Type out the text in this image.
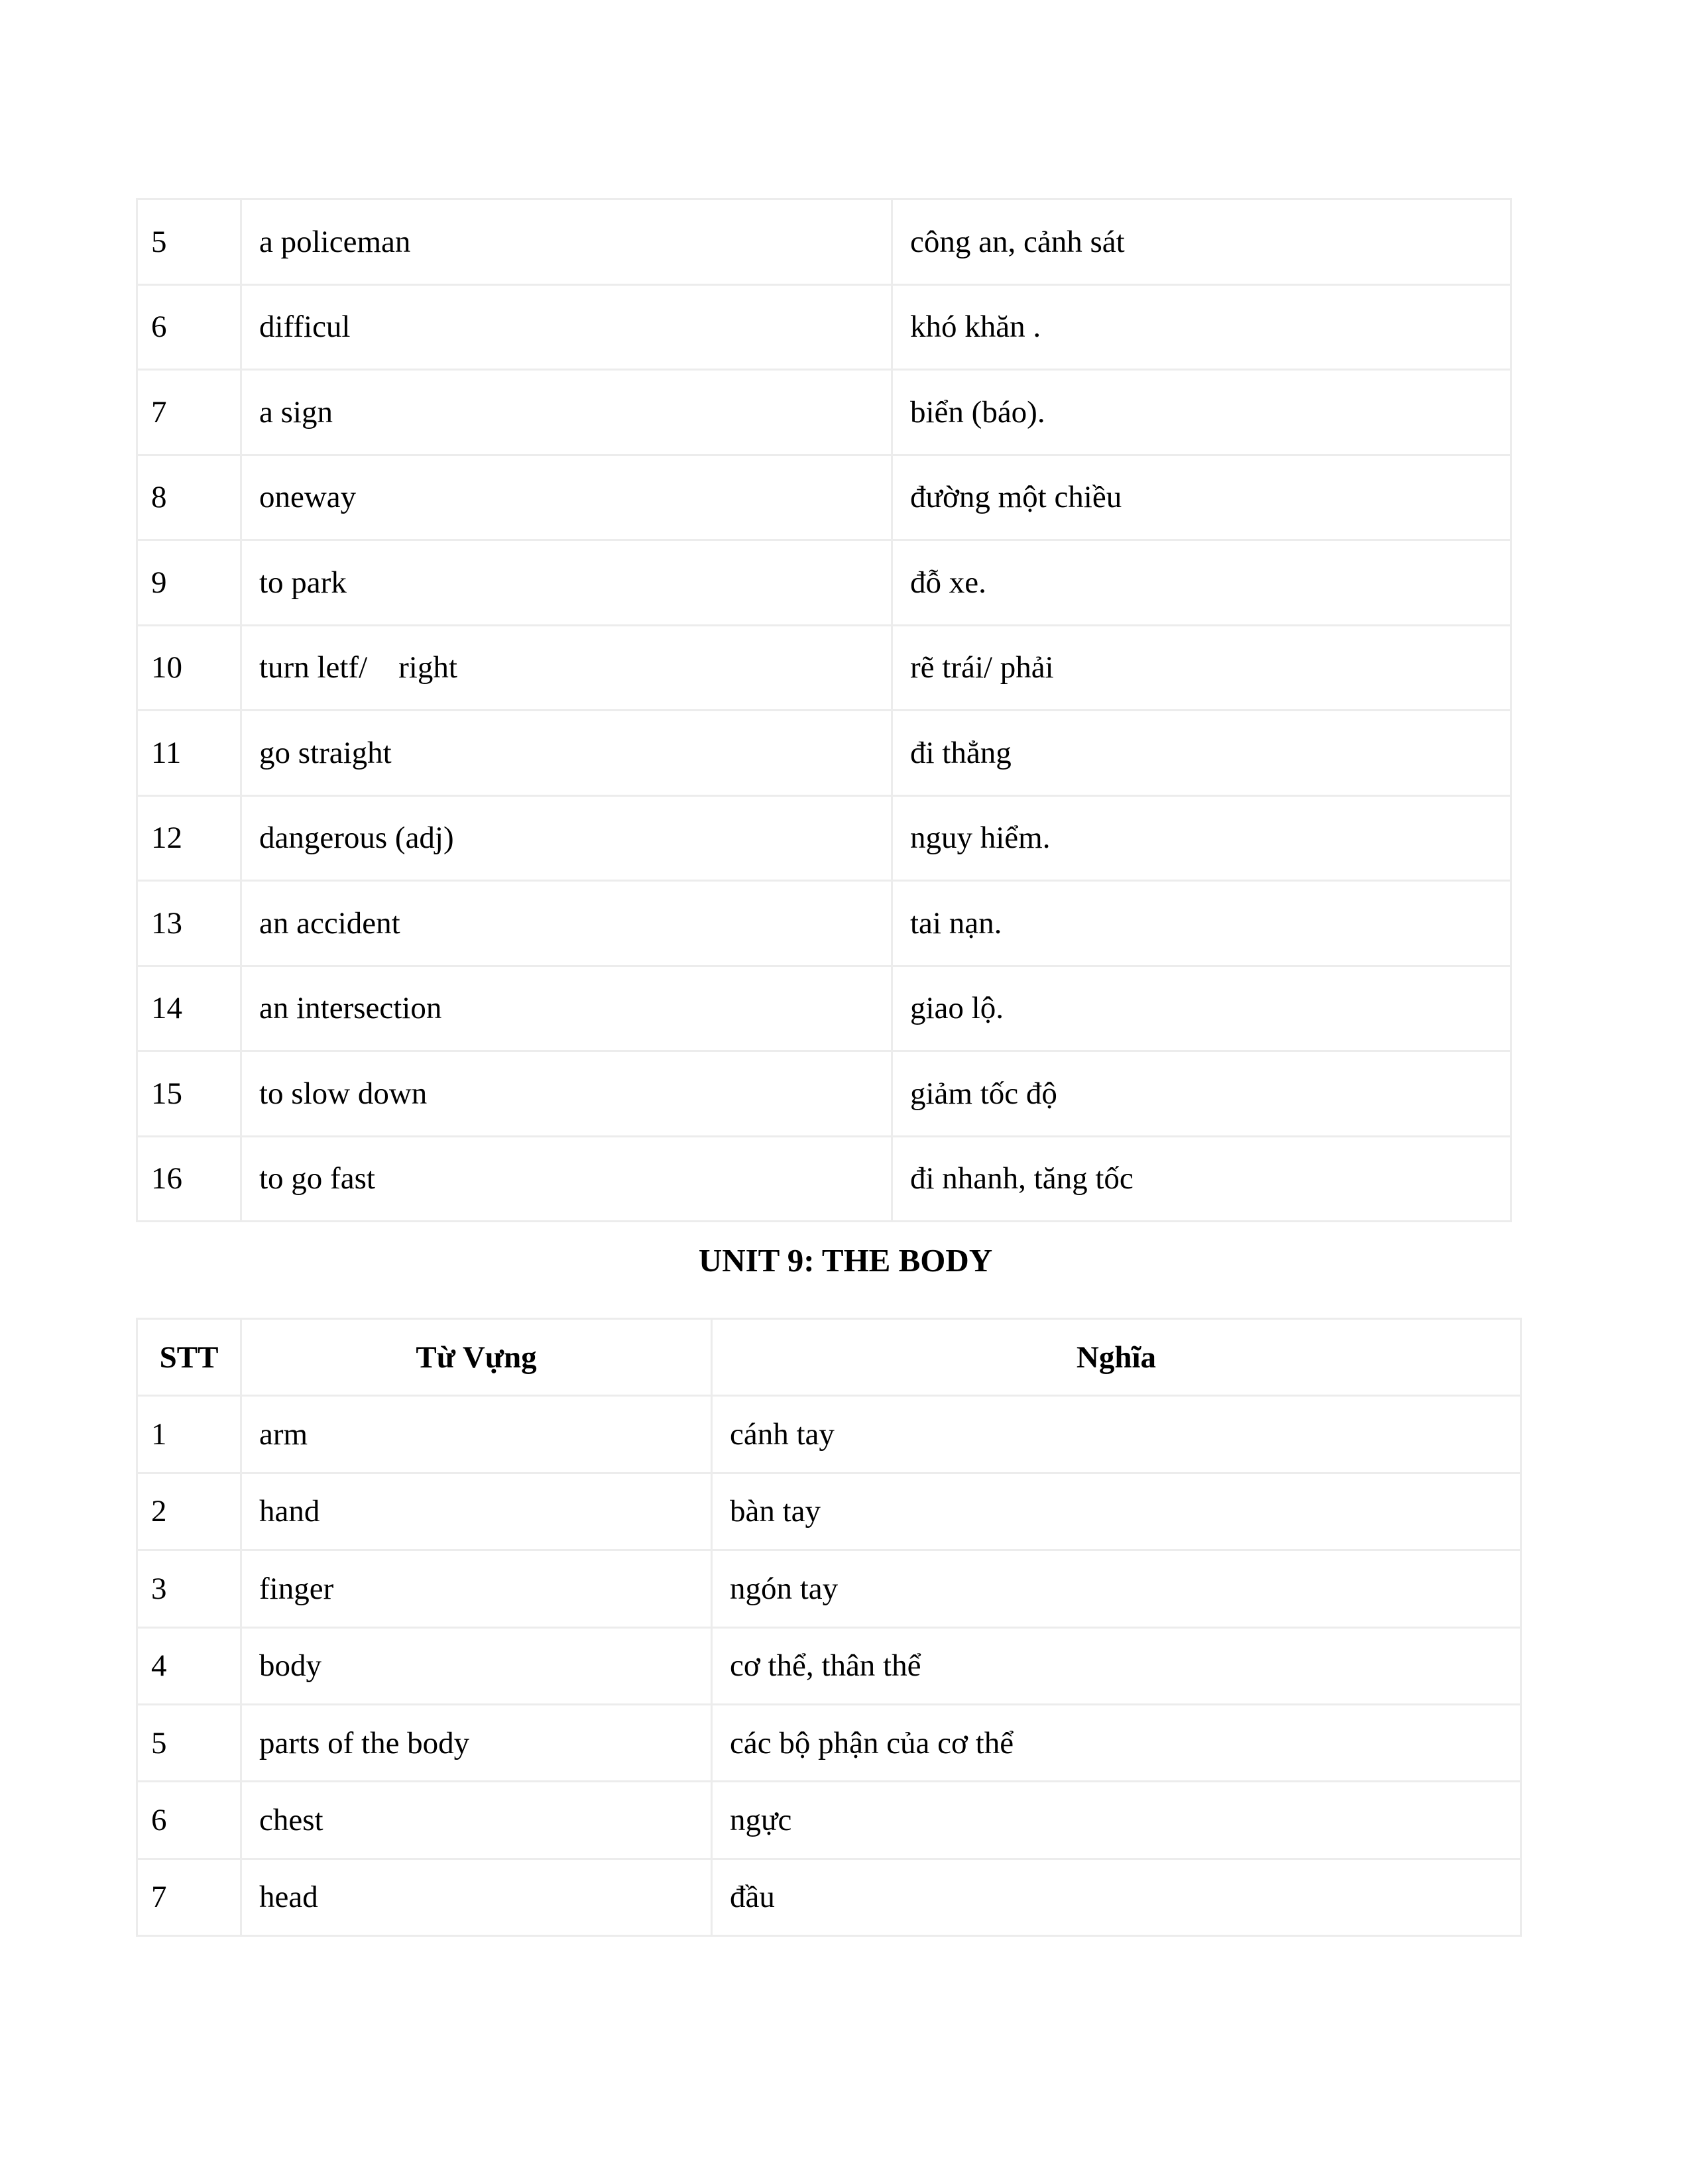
5	a policeman	công an, cảnh sát
6	difficul	khó khăn .
7	a sign	biển (báo).
8	oneway	đường một chiều
9	to park	đỗ xe.
10	turn letf/    right	rẽ trái/ phải
11	go straight	đi thẳng
12	dangerous (adj)	nguy hiểm.
13	an accident	tai nạn.
14	an intersection	giao lộ.
15	to slow down	giảm tốc độ
16	to go fast	đi nhanh, tăng tốc
UNIT 9: THE BODY
STT	Từ Vựng	Nghĩa
1	arm	cánh tay
2	hand	bàn tay
3	finger	ngón tay
4	body	cơ thể, thân thể
5	parts of the body	các bộ phận của cơ thể
6	chest	ngực
7	head	đầu
